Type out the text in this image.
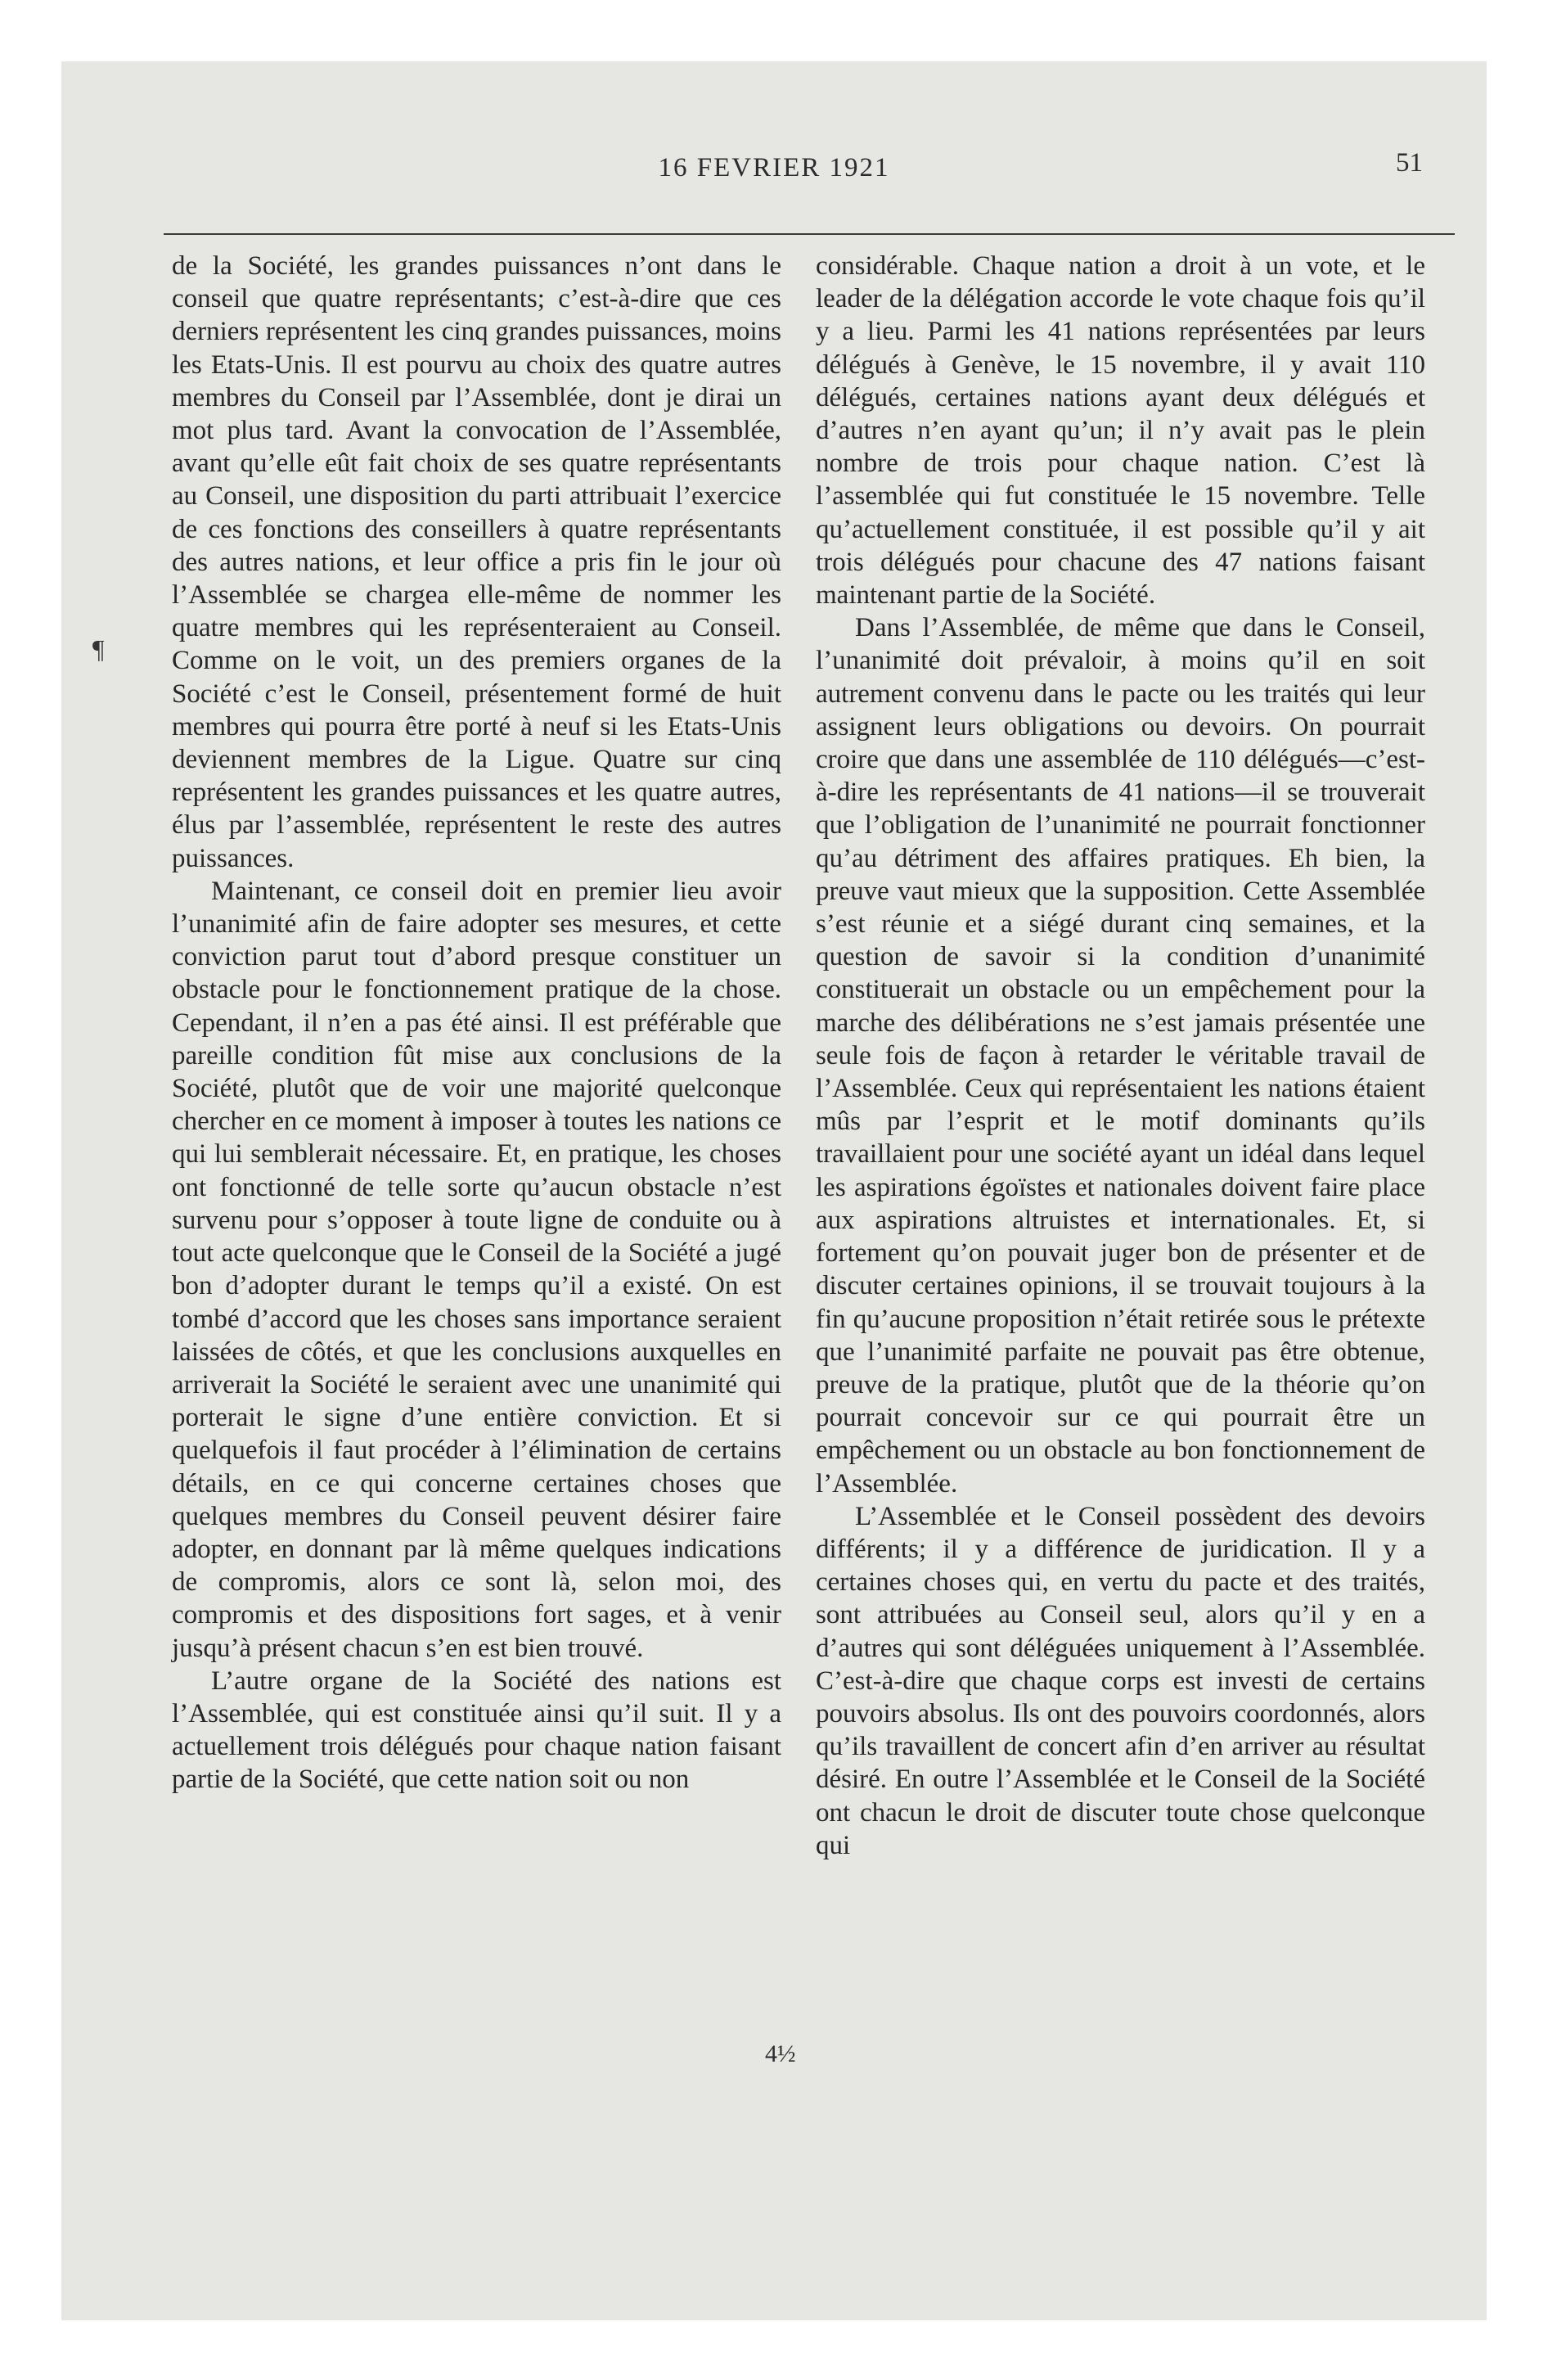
16 FEVRIER 1921	51
¶

de la Société, les grandes puissances n’ont dans le conseil que quatre représentants; c’est-à-dire que ces derniers représentent les cinq grandes puissances, moins les Etats-Unis. Il est pourvu au choix des quatre autres membres du Conseil par l’Assemblée, dont je dirai un mot plus tard. Avant la convocation de l’Assemblée, avant qu’elle eût fait choix de ses quatre représentants au Conseil, une disposition du parti attribuait l’exercice de ces fonctions des conseillers à quatre représentants des autres nations, et leur office a pris fin le jour où l’Assemblée se chargea elle-même de nommer les quatre membres qui les représenteraient au Conseil. Comme on le voit, un des premiers organes de la Société c’est le Conseil, présentement formé de huit membres qui pourra être porté à neuf si les Etats-Unis deviennent membres de la Ligue. Quatre sur cinq représentent les grandes puissances et les quatre autres, élus par l’assemblée, représentent le reste des autres puissances.

Maintenant, ce conseil doit en premier lieu avoir l’unanimité afin de faire adopter ses mesures, et cette conviction parut tout d’abord presque constituer un obstacle pour le fonctionnement pratique de la chose. Cependant, il n’en a pas été ainsi. Il est préférable que pareille condition fût mise aux conclusions de la Société, plutôt que de voir une majorité quelconque chercher en ce moment à imposer à toutes les nations ce qui lui semblerait nécessaire. Et, en pratique, les choses ont fonctionné de telle sorte qu’aucun obstacle n’est survenu pour s’opposer à toute ligne de conduite ou à tout acte quelconque que le Conseil de la Société a jugé bon d’adopter durant le temps qu’il a existé. On est tombé d’accord que les choses sans importance seraient laissées de côtés, et que les conclusions auxquelles en arriverait la Société le seraient avec une unanimité qui porterait le signe d’une entière conviction. Et si quelquefois il faut procéder à l’élimination de certains détails, en ce qui concerne certaines choses que quelques membres du Conseil peuvent désirer faire adopter, en donnant par là même quelques indications de compromis, alors ce sont là, selon moi, des compromis et des dispositions fort sages, et à venir jusqu’à présent chacun s’en est bien trouvé.

L’autre organe de la Société des nations est l’Assemblée, qui est constituée ainsi qu’il suit. Il y a actuellement trois délégués pour chaque nation faisant partie de la Société, que cette nation soit ou non

considérable. Chaque nation a droit à un vote, et le leader de la délégation accorde le vote chaque fois qu’il y a lieu. Parmi les 41 nations représentées par leurs délégués à Genève, le 15 novembre, il y avait 110 délégués, certaines nations ayant deux délégués et d’autres n’en ayant qu’un; il n’y avait pas le plein nombre de trois pour chaque nation. C’est là l’assemblée qui fut constituée le 15 novembre. Telle qu’actuellement constituée, il est possible qu’il y ait trois délégués pour chacune des 47 nations faisant maintenant partie de la Société.

Dans l’Assemblée, de même que dans le Conseil, l’unanimité doit prévaloir, à moins qu’il en soit autrement convenu dans le pacte ou les traités qui leur assignent leurs obligations ou devoirs. On pourrait croire que dans une assemblée de 110 délégués—c’est-à-dire les représentants de 41 nations—il se trouverait que l’obligation de l’unanimité ne pourrait fonctionner qu’au détriment des affaires pratiques. Eh bien, la preuve vaut mieux que la supposition. Cette Assemblée s’est réunie et a siégé durant cinq semaines, et la question de savoir si la condition d’unanimité constituerait un obstacle ou un empêchement pour la marche des délibérations ne s’est jamais présentée une seule fois de façon à retarder le véritable travail de l’Assemblée. Ceux qui représentaient les nations étaient mûs par l’esprit et le motif dominants qu’ils travaillaient pour une société ayant un idéal dans lequel les aspirations égoïstes et nationales doivent faire place aux aspirations altruistes et internationales. Et, si fortement qu’on pouvait juger bon de présenter et de discuter certaines opinions, il se trouvait toujours à la fin qu’aucune proposition n’était retirée sous le prétexte que l’unanimité parfaite ne pouvait pas être obtenue, preuve de la pratique, plutôt que de la théorie qu’on pourrait concevoir sur ce qui pourrait être un empêchement ou un obstacle au bon fonctionnement de l’Assemblée.

L’Assemblée et le Conseil possèdent des devoirs différents; il y a différence de juridication. Il y a certaines choses qui, en vertu du pacte et des traités, sont attribuées au Conseil seul, alors qu’il y en a d’autres qui sont déléguées uniquement à l’Assemblée. C’est-à-dire que chaque corps est investi de certains pouvoirs absolus. Ils ont des pouvoirs coordonnés, alors qu’ils travaillent de concert afin d’en arriver au résultat désiré. En outre l’Assemblée et le Conseil de la Société ont chacun le droit de discuter toute chose quelconque qui

4½
